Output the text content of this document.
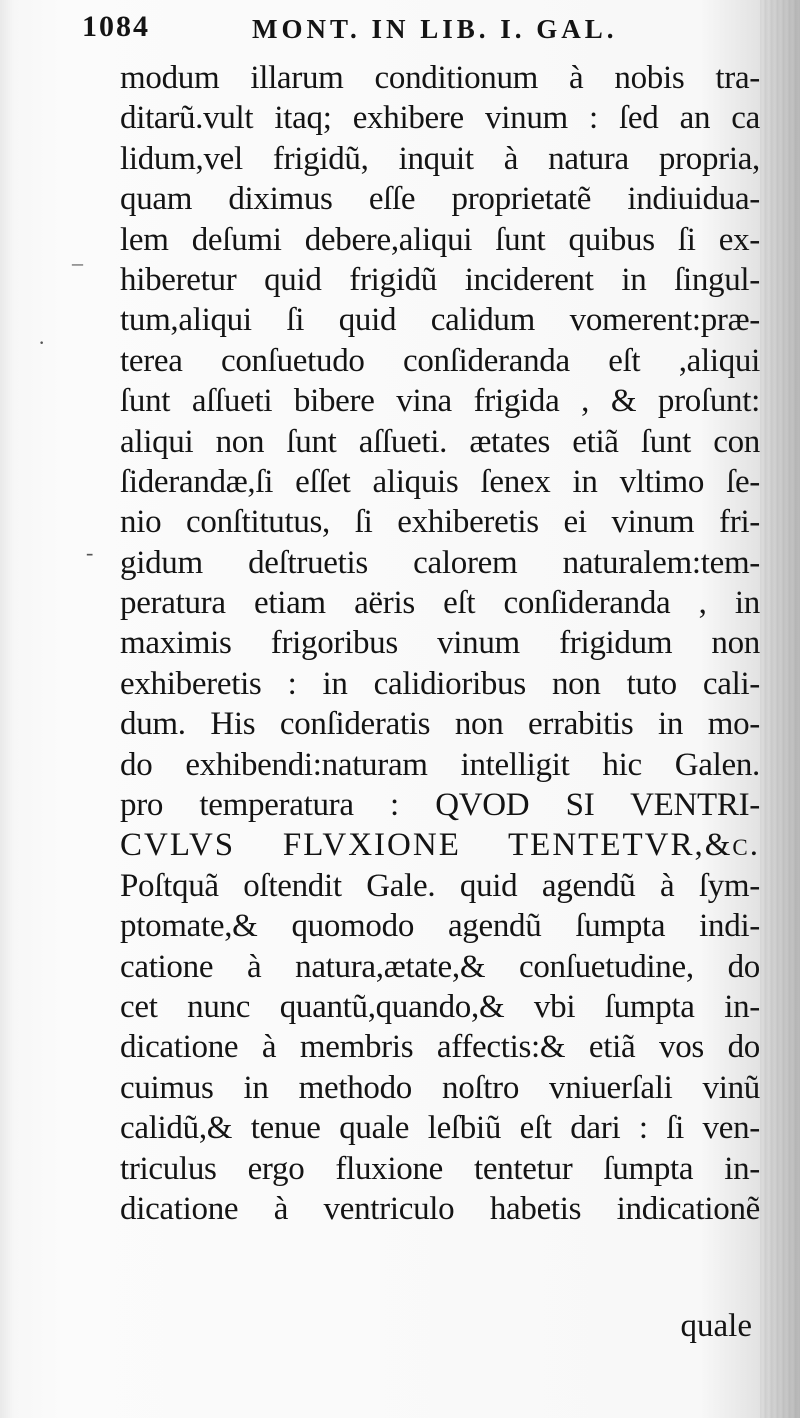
1084	MONT. IN LIB. I. GAL.
modum illarum conditionum à nobis tra-
ditarũ.vult itaq; exhibere vinum : ſed an ca
lidum,vel frigidũ, inquit à natura propria,
quam diximus eſſe proprietatẽ indiuidua-
lem deſumi debere,aliqui ſunt quibus ſi ex-
hiberetur quid frigidũ inciderent in ſingul-
tum,aliqui ſi quid calidum vomerent:præ-
terea conſuetudo conſideranda eſt ,aliqui
ſunt aſſueti bibere vina frigida , & proſunt:
aliqui non ſunt aſſueti. ætates etiã ſunt con
ſiderandæ,ſi eſſet aliquis ſenex in vltimo ſe-
nio conſtitutus, ſi exhiberetis ei vinum fri-
gidum deſtruetis calorem naturalem:tem-
peratura etiam aëris eſt conſideranda , in
maximis frigoribus vinum frigidum non
exhiberetis : in calidioribus non tuto cali-
dum. His conſideratis non errabitis in mo-
do exhibendi:naturam intelligit hic Galen.
pro temperatura : QVOD SI VENTRI-
CVLVS FLVXIONE TENTETVR,&c.
Poſtquã oſtendit Gale. quid agendũ à ſym-
ptomate,& quomodo agendũ ſumpta indi-
catione à natura,ætate,& conſuetudine, do
cet nunc quantũ,quando,& vbi ſumpta in-
dicatione à membris affectis:& etiã vos do
cuimus in methodo noſtro vniuerſali vinũ
calidũ,& tenue quale leſbiũ eſt dari : ſi ven-
triculus ergo fluxione tentetur ſumpta in-
dicatione à ventriculo habetis indicationẽ
quale
–
·
-
